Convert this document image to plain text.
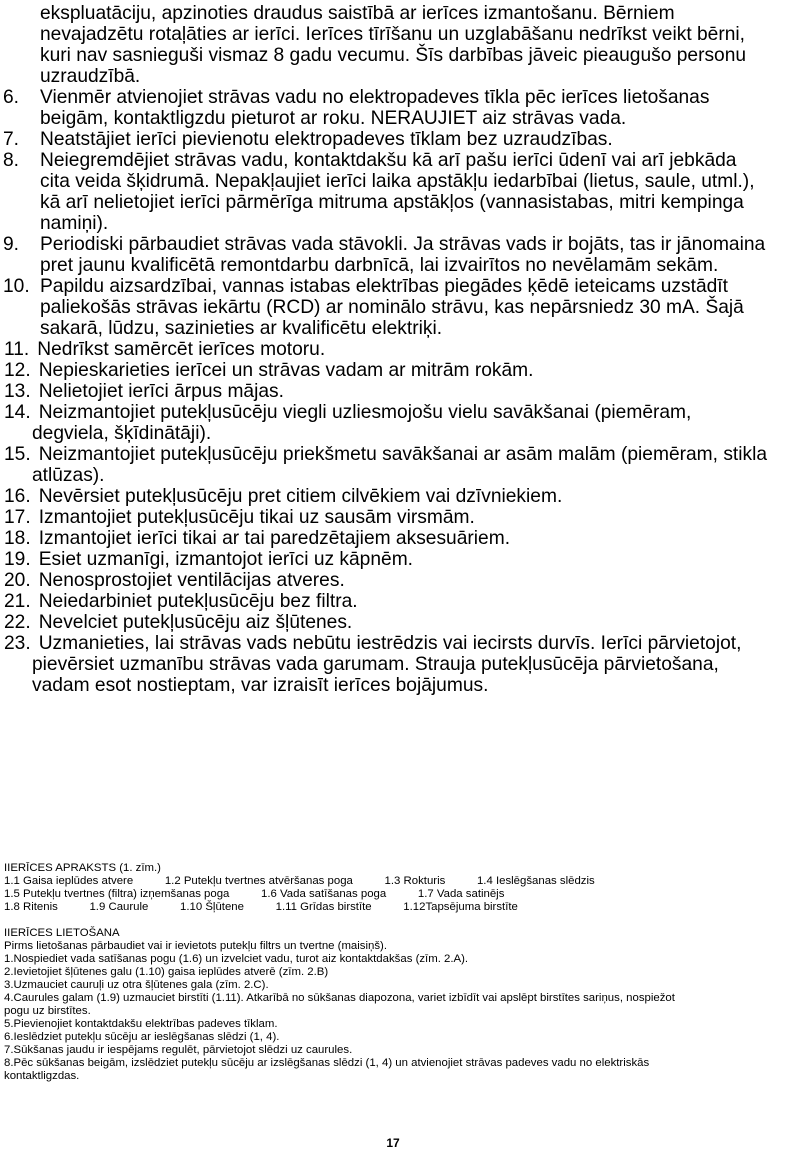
ekspluatāciju, apzinoties draudus saistībā ar ierīces izmantošanu. Bērniem

nevajadzētu rotaļāties ar ierīci. Ierīces tīrīšanu un uzglabāšanu nedrīkst veikt bērni,

kuri nav sasnieguši vismaz 8 gadu vecumu. Šīs darbības jāveic pieaugušo personu

uzraudzībā.

6. Vienmēr atvienojiet strāvas vadu no elektropadeves tīkla pēc ierīces lietošanas

beigām, kontaktligzdu pieturot ar roku. NERAUJIET aiz strāvas vada.

7. Neatstājiet ierīci pievienotu elektropadeves tīklam bez uzraudzības.

8. Neiegremdējiet strāvas vadu, kontaktdakšu kā arī pašu ierīci ūdenī vai arī jebkāda

cita veida šķidrumā. Nepakļaujiet ierīci laika apstākļu iedarbībai (lietus, saule, utml.),

kā arī nelietojiet ierīci pārmērīga mitruma apstākļos (vannasistabas, mitri kempinga

namiņi).

9. Periodiski pārbaudiet strāvas vada stāvokli. Ja strāvas vads ir bojāts, tas ir jānomaina

pret jaunu kvalificētā remontdarbu darbnīcā, lai izvairītos no nevēlamām sekām.

10. Papildu aizsardzībai, vannas istabas elektrības piegādes ķēdē ieteicams uzstādīt

paliekošās strāvas iekārtu (RCD) ar nominālo strāvu, kas nepārsniedz 30 mA. Šajā

sakarā, lūdzu, sazinieties ar kvalificētu elektriķi.

11. Nedrīkst samērcēt ierīces motoru.

12. Nepieskarieties ierīcei un strāvas vadam ar mitrām rokām.

13. Nelietojiet ierīci ārpus mājas.

14. Neizmantojiet putekļusūcēju viegli uzliesmojošu vielu savākšanai (piemēram,

degviela, šķīdinātāji).

15. Neizmantojiet putekļusūcēju priekšmetu savākšanai ar asām malām (piemēram, stikla

atlūzas).

16. Nevērsiet putekļusūcēju pret citiem cilvēkiem vai dzīvniekiem.

17. Izmantojiet putekļusūcēju tikai uz sausām virsmām.

18. Izmantojiet ierīci tikai ar tai paredzētajiem aksesuāriem.

19. Esiet uzmanīgi, izmantojot ierīci uz kāpnēm.

20. Nenosprostojiet ventilācijas atveres.

21. Neiedarbiniet putekļusūcēju bez filtra.

22. Nevelciet putekļusūcēju aiz šļūtenes.

23. Uzmanieties, lai strāvas vads nebūtu iestrēdzis vai iecirsts durvīs. Ierīci pārvietojot,

pievērsiet uzmanību strāvas vada garumam. Strauja putekļusūcēja pārvietošana,

vadam esot nostieptam, var izraisīt ierīces bojājumus.

IIERĪCES APRAKSTS (1. zīm.)

1.1 Gaisa ieplūdes atvere          1.2 Putekļu tvertnes atvēršanas poga          1.3 Rokturis          1.4 Ieslēgšanas slēdzis

1.5 Putekļu tvertnes (filtra) izņemšanas poga          1.6 Vada satīšanas poga          1.7 Vada satinējs

1.8 Ritenis          1.9 Caurule          1.10 Šļūtene          1.11 Grīdas birstīte          1.12Tapsējuma birstīte

IIERĪCES LIETOŠANA

Pirms lietošanas pārbaudiet vai ir ievietots putekļu filtrs un tvertne (maisiņš).

1.Nospiediet vada satīšanas pogu (1.6) un izvelciet vadu, turot aiz kontaktdakšas (zīm. 2.A).

2.Ievietojiet šļūtenes galu (1.10) gaisa ieplūdes atverē (zīm. 2.B)

3.Uzmauciet cauruļi uz otra šļūtenes gala (zīm. 2.C).

4.Caurules galam (1.9) uzmauciet birstīti (1.11). Atkarībā no sūkšanas diapozona, variet izbīdīt vai apslēpt birstītes sariņus, nospiežot

pogu uz birstītes.

5.Pievienojiet kontaktdakšu elektrības padeves tīklam.

6.Ieslēdziet putekļu sūcēju ar ieslēgšanas slēdzi (1, 4).

7.Sūkšanas jaudu ir iespējams regulēt, pārvietojot slēdzi uz caurules.

8.Pēc sūkšanas beigām, izslēdziet putekļu sūcēju ar izslēgšanas slēdzi (1, 4) un atvienojiet strāvas padeves vadu no elektriskās

kontaktligzdas.

17
